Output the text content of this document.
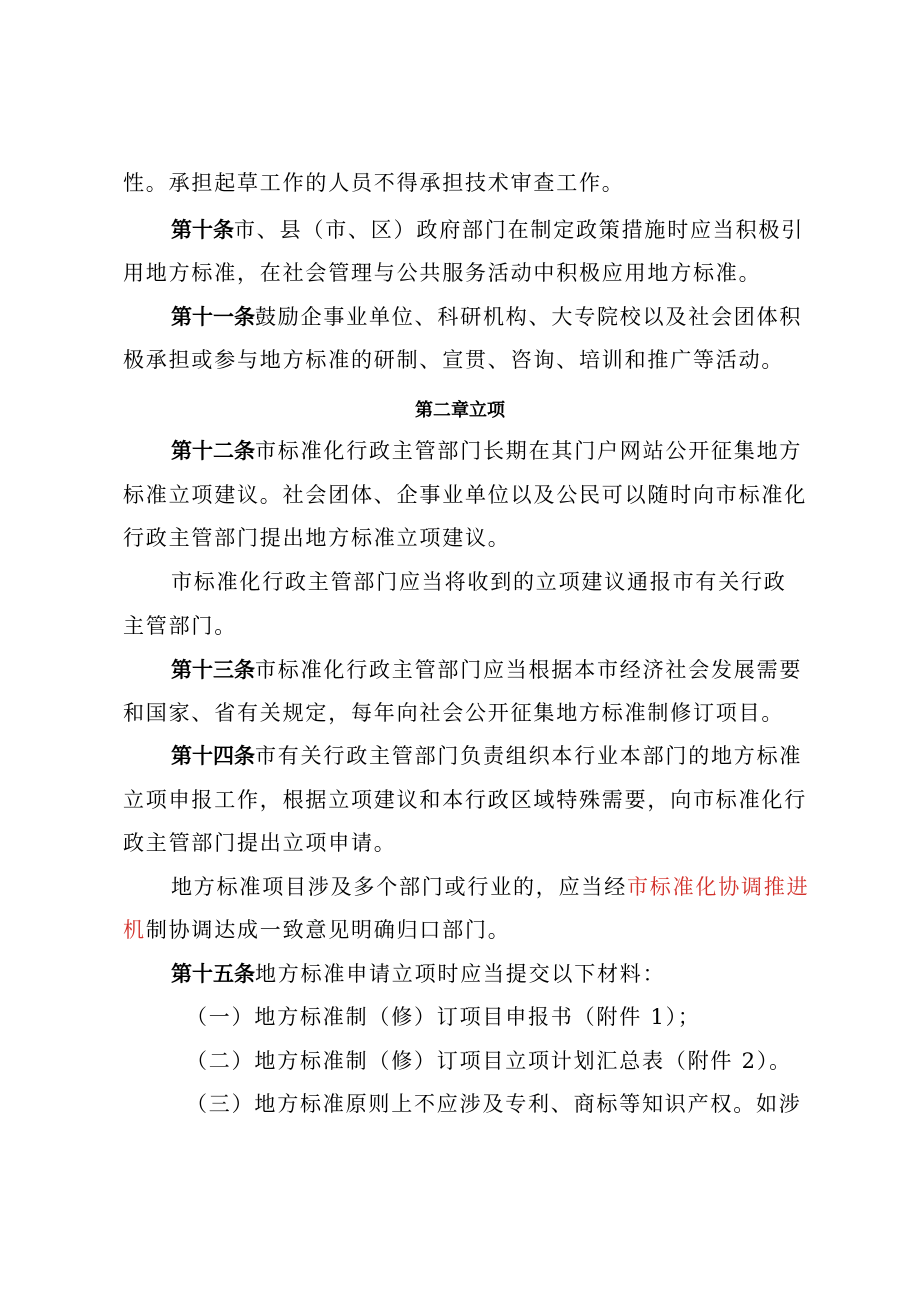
性。承担起草工作的人员不得承担技术审查工作。
第十条市、县（市、区）政府部门在制定政策措施时应当积极引
用地方标准，在社会管理与公共服务活动中积极应用地方标准。
第十一条鼓励企事业单位、科研机构、大专院校以及社会团体积
极承担或参与地方标准的研制、宣贯、咨询、培训和推广等活动。
第二章立项
第十二条市标准化行政主管部门长期在其门户网站公开征集地方
标准立项建议。社会团体、企事业单位以及公民可以随时向市标准化
行政主管部门提出地方标准立项建议。
市标准化行政主管部门应当将收到的立项建议通报市有关行政
主管部门。
第十三条市标准化行政主管部门应当根据本市经济社会发展需要
和国家、省有关规定，每年向社会公开征集地方标准制修订项目。
第十四条市有关行政主管部门负责组织本行业本部门的地方标准
立项申报工作，根据立项建议和本行政区域特殊需要，向市标准化行
政主管部门提出立项申请。
地方标准项目涉及多个部门或行业的，应当经市标准化协调推进
机制协调达成一致意见明确归口部门。
第十五条地方标准申请立项时应当提交以下材料：
（一）地方标准制（修）订项目申报书（附件 1）；
（二）地方标准制（修）订项目立项计划汇总表（附件 2）。
（三）地方标准原则上不应涉及专利、商标等知识产权。如涉
